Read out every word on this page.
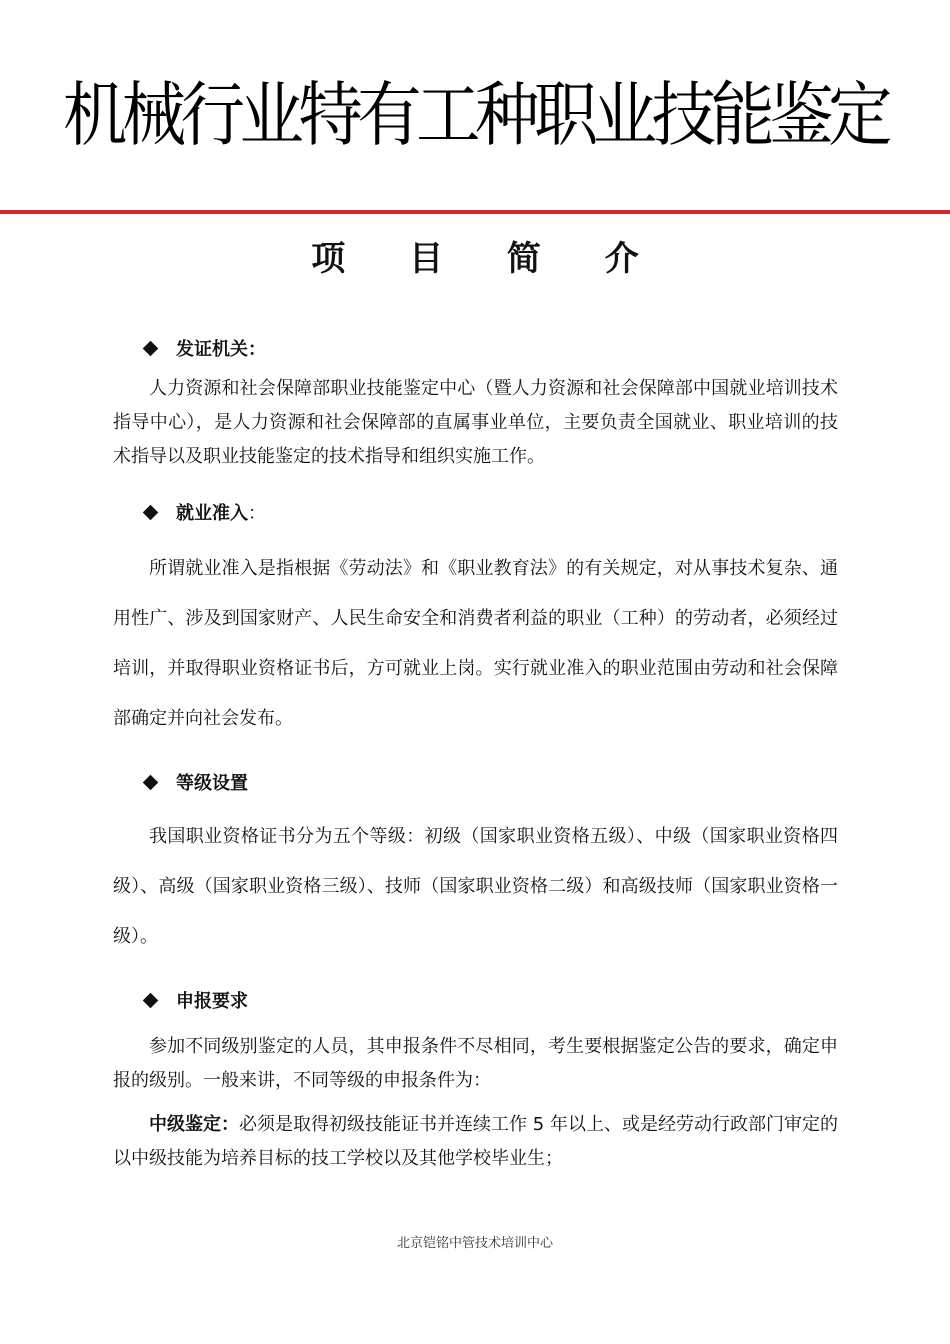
机械行业特有工种职业技能鉴定
项 目 简 介
发证机关：

人力资源和社会保障部职业技能鉴定中心（暨人力资源和社会保障部中国就业培训技术指导中心），是人力资源和社会保障部的直属事业单位，主要负责全国就业、职业培训的技术指导以及职业技能鉴定的技术指导和组织实施工作。

就业准入 ：

所谓就业准入是指根据《劳动法》和《职业教育法》的有关规定，对从事技术复杂、通用性广、涉及到国家财产、人民生命安全和消费者利益的职业（工种）的劳动者，必须经过培训，并取得职业资格证书后，方可就业上岗。实行就业准入的职业范围由劳动和社会保障部确定并向社会发布。

等级设置

我国职业资格证书分为五个等级：初级（国家职业资格五级）、中级（国家职业资格四级）、高级（国家职业资格三级）、技师（国家职业资格二级）和高级技师（国家职业资格一级）。

申报要求

参加不同级别鉴定的人员，其申报条件不尽相同，考生要根据鉴定公告的要求，确定申报的级别。一般来讲，不同等级的申报条件为：

中级鉴定：必须是取得初级技能证书并连续工作 5 年以上、或是经劳动行政部门审定的以中级技能为培养目标的技工学校以及其他学校毕业生；

北京铠铭中管技术培训中心
